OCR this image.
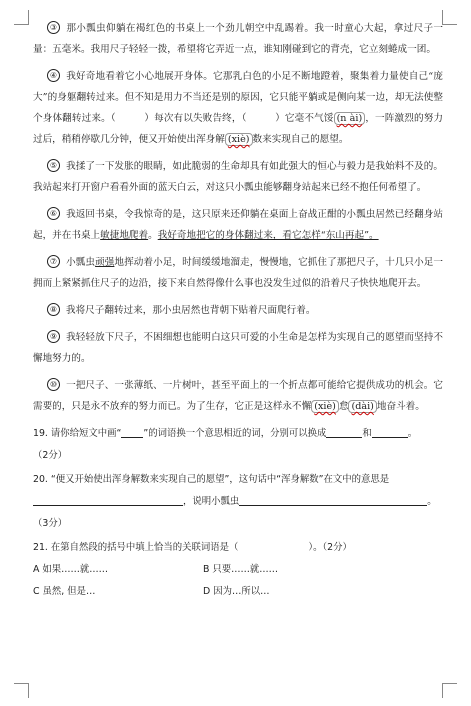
③ 那小瓢虫仰躺在褐红色的书桌上一个劲儿朝空中乱踢着。我一时童心大起，拿过尺子一量：五毫米。我用尺子轻轻一拨，希望将它弄近一点，谁知刚碰到它的背壳，它立刻蜷成一团。

④ 我好奇地看着它小心地展开身体。它那乳白色的小足不断地蹬着，聚集着力量使自己“庞大”的身躯翻转过来。但不知是用力不当还是别的原因，它只能平躺或是侧向某一边，却无法使整个身体翻转过来。（	）每次有以失败告终，（	）它毫不气馁 (n ài) ，一阵激烈的努力过后，稍稍停歇几分钟，便又开始使出浑身解 (xiè) 数来实现自己的愿望。

⑤ 我揉了一下发胀的眼睛，如此脆弱的生命却具有如此强大的恒心与毅力是我始料不及的。我站起来打开窗户看看外面的蓝天白云，对这只小瓢虫能够翻身站起来已经不抱任何希望了。

⑥ 我返回书桌，令我惊奇的是，这只原来还仰躺在桌面上奋战正酣的小瓢虫居然已经翻身站起，并在书桌上敏捷地爬着。我好奇地把它的身体翻过来，看它怎样“东山再起”。

⑦ 小瓢虫顽强地挥动着小足，时间缓缓地溜走，慢慢地，它抓住了那把尺子，十几只小足一拥而上紧紧抓住尺子的边沿，接下来自然得像什么事也没发生过似的沿着尺子快快地爬开去。

⑧ 我将尺子翻转过来，那小虫居然也背朝下贴着尺面爬行着。

⑨ 我轻轻放下尺子，不困细想也能明白这只可爱的小生命是怎样为实现自己的愿望而坚持不懈地努力的。

⑩ 一把尺子、一张薄纸、一片树叶，甚至平面上的一个折点都可能给它提供成功的机会。它需要的，只是永不放弃的努力而已。为了生存，它正是这样永不懈 (xiè) 怠 (dài) 地奋斗着。

19. 请你给短文中画“ ”的词语换一个意思相近的词，分别可以换成	和	。
（2分）

20. “便又开始使出浑身解数来实现自己的愿望”，这句话中“浑身解数”在文中的意思是
，说明小瓢虫	。（3分）

21. 在第自然段的括号中填上恰当的关联词语是（	）。（2分）

A 如果……就……	B 只要……就……
C 虽然, 但是…	D 因为…所以…
